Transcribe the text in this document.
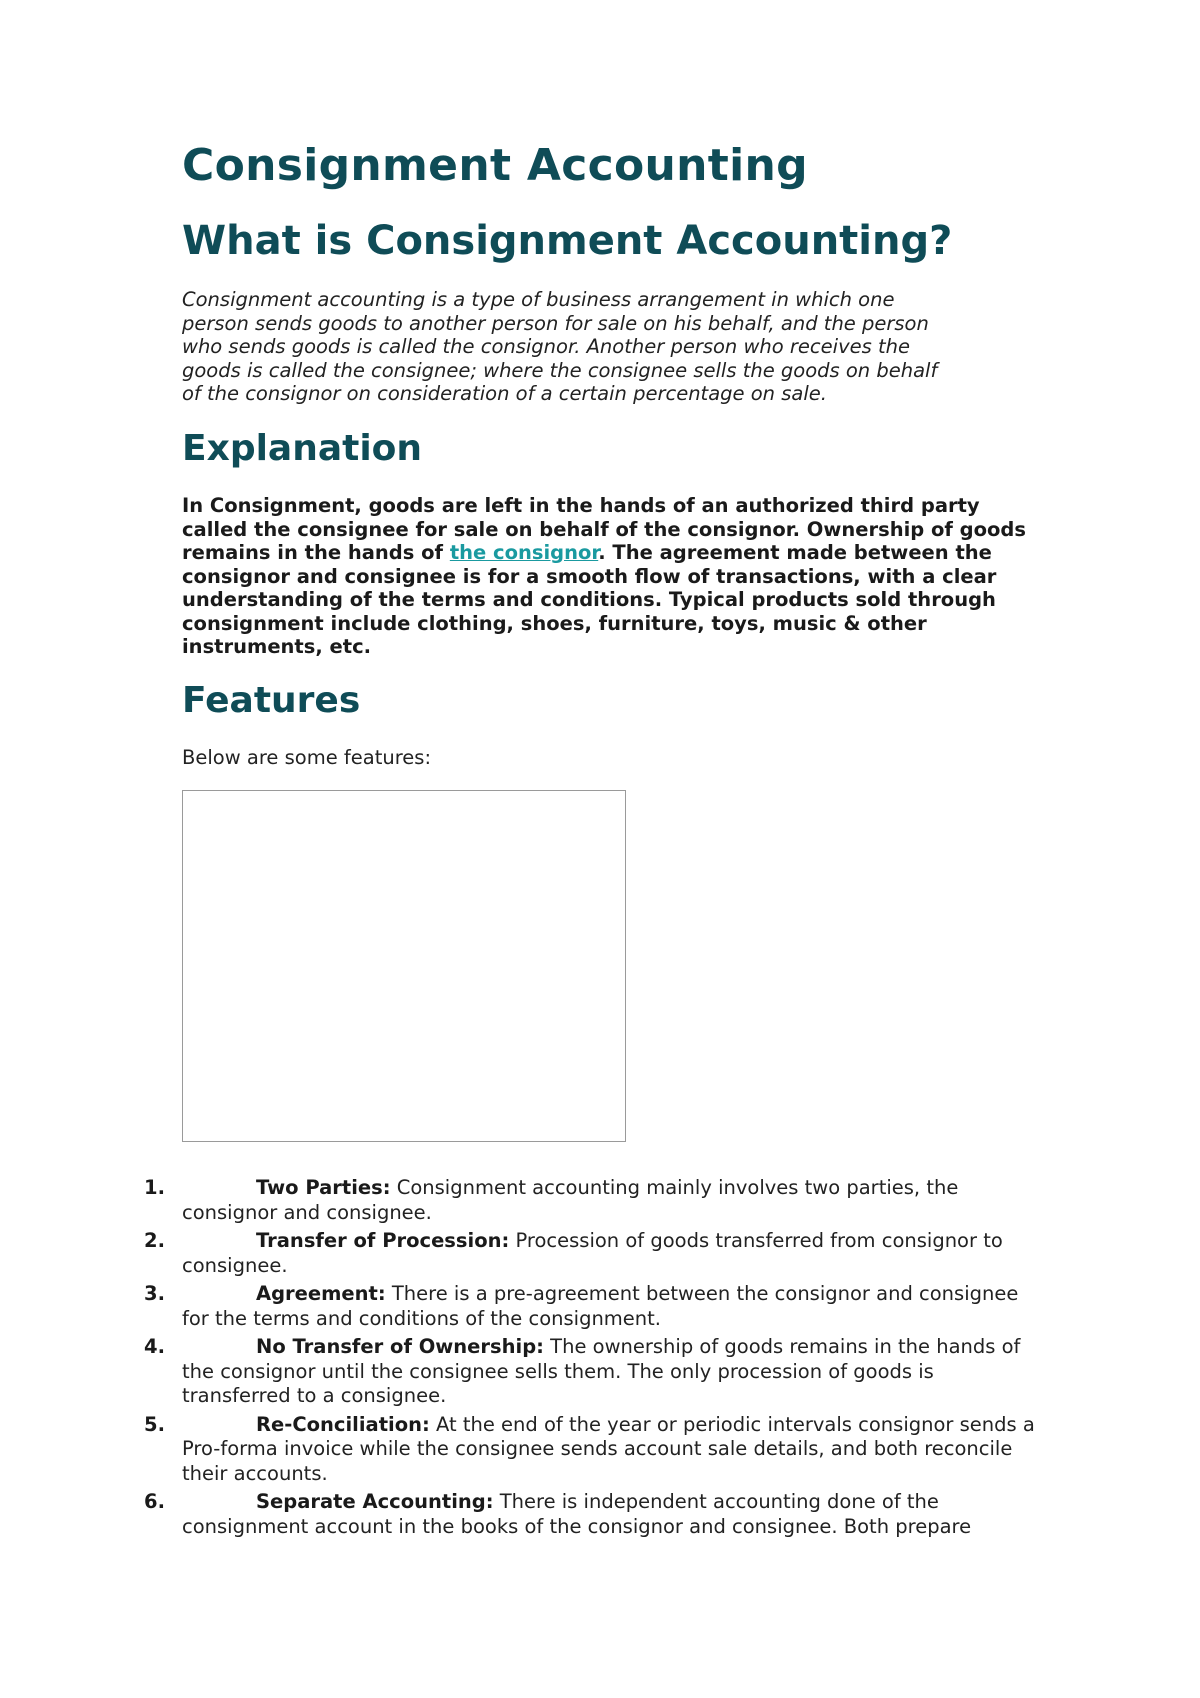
Consignment Accounting
What is Consignment Accounting?

Consignment accounting is a type of business arrangement in which one person sends goods to another person for sale on his behalf, and the person who sends goods is called the consignor. Another person who receives the goods is called the consignee; where the consignee sells the goods on behalf of the consignor on consideration of a certain percentage on sale.

Explanation

In Consignment, goods are left in the hands of an authorized third party called the consignee for sale on behalf of the consignor. Ownership of goods remains in the hands of the consignor. The agreement made between the consignor and consignee is for a smooth flow of transactions, with a clear understanding of the terms and conditions. Typical products sold through consignment include clothing, shoes, furniture, toys, music & other instruments, etc.

Features

Below are some features:

1.	Two Parties: Consignment accounting mainly involves two parties, the consignor and consignee.
2.	Transfer of Procession: Procession of goods transferred from consignor to consignee.
3.	Agreement: There is a pre-agreement between the consignor and consignee for the terms and conditions of the consignment.
4.	No Transfer of Ownership: The ownership of goods remains in the hands of the consignor until the consignee sells them. The only procession of goods is transferred to a consignee.
5.	Re-Conciliation: At the end of the year or periodic intervals consignor sends a Pro-forma invoice while the consignee sends account sale details, and both reconcile their accounts.
6.	Separate Accounting: There is independent accounting done of the consignment account in the books of the consignor and consignee. Both prepare
